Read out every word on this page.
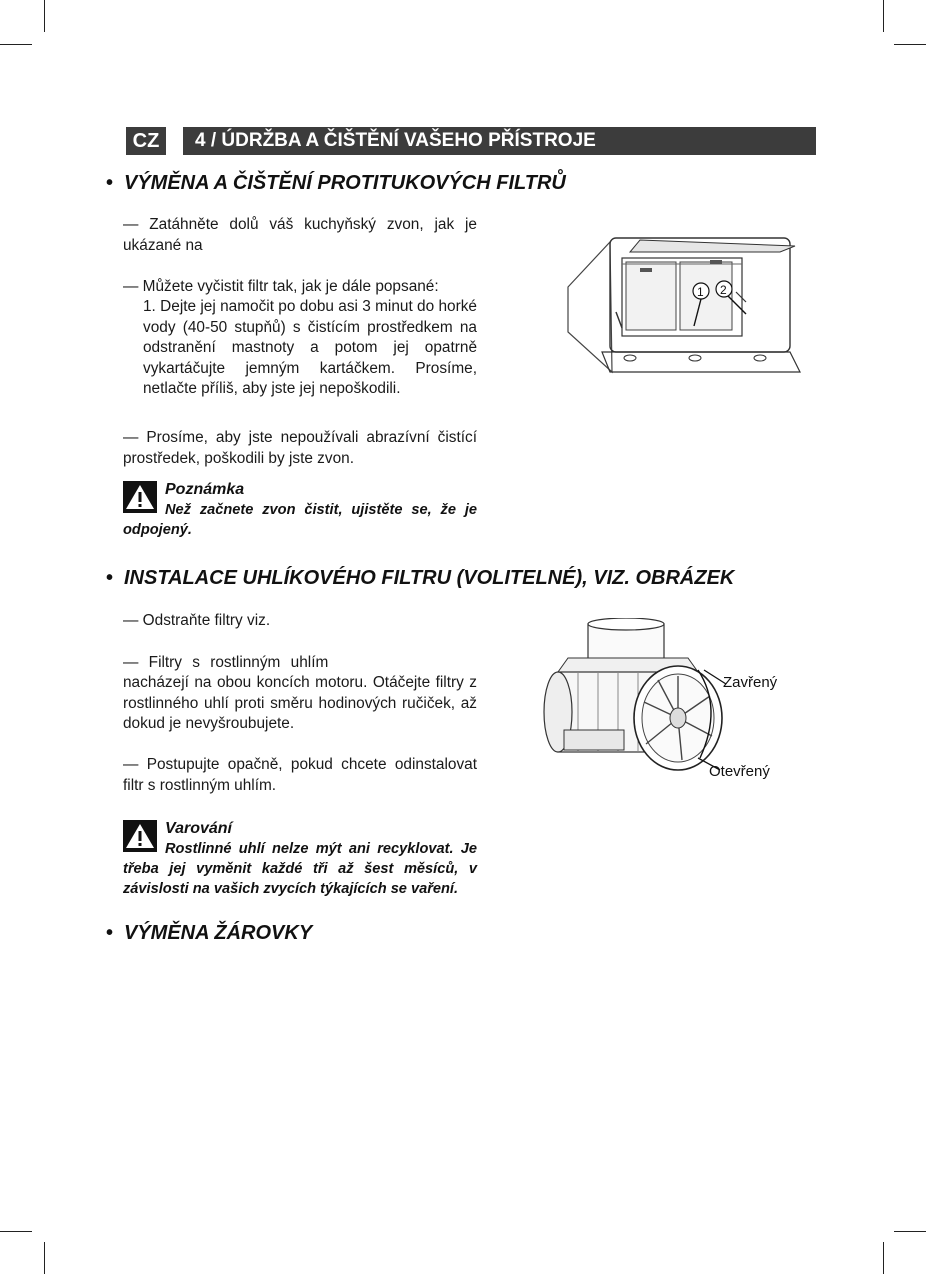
CZ	4 / ÚDRŽBA A ČIŠTĚNÍ VAŠEHO PŘÍSTROJE
• VÝMĚNA A ČIŠTĚNÍ PROTITUKOVÝCH FILTRŮ
— Zatáhněte dolů váš kuchyňský zvon, jak je ukázané na
— Můžete vyčistit filtr tak, jak je dále popsané:
1. Dejte jej namočit po dobu asi 3 minut do horké vody (40-50 stupňů) s čistícím prostředkem na odstranění mastnoty a potom jej opatrně vykartáčujte jemným kartáčkem. Prosíme, netlačte příliš, aby jste jej nepoškodili.
— Prosíme, aby jste nepoužívali abrazívní čistící prostředek, poškodili by jste zvon.
Poznámka

Než začnete zvon čistit, ujistěte se, že je odpojený.

1 2
• INSTALACE UHLÍKOVÉHO FILTRU (VOLITELNÉ), VIZ. OBRÁZEK
— Odstraňte filtry viz.
— Filtry s rostlinným uhlím
nacházejí na obou koncích motoru. Otáčejte filtry z rostlinného uhlí proti směru hodinových ručiček, až dokud je nevyšroubujete.
— Postupujte opačně, pokud chcete odinstalovat filtr s rostlinným uhlím.
Varování

Rostlinné uhlí nelze mýt ani recyklovat. Je třeba jej vyměnit každé tři až šest měsíců, v závislosti na vašich zvycích týkajících se vaření.

Zavřený
Otevřený
• VÝMĚNA ŽÁROVKY
